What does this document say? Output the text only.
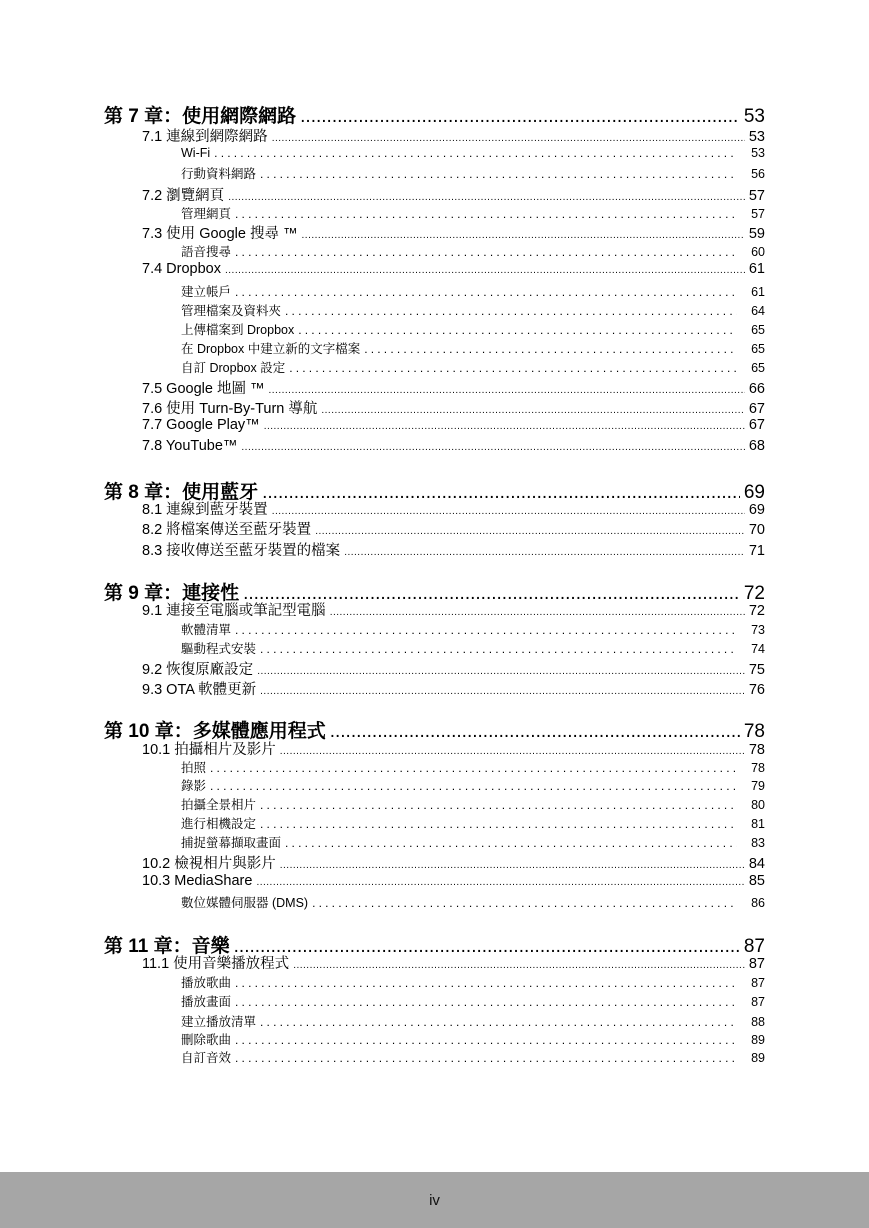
第 7 章：使用網際網路 .....	53
7.1 連線到網際網路 .....	53
Wi-Fi .....	53
行動資料網路 .....	56
7.2 瀏覽網頁 .....	57
管理網頁 .....	57
7.3 使用 Google 搜尋 ™ .....	59
語音搜尋 .....	60
7.4 Dropbox .....	61
建立帳戶 .....	61
管理檔案及資料夾 .....	64
上傳檔案到 Dropbox .....	65
在 Dropbox 中建立新的文字檔案 .....	65
自訂 Dropbox 設定 .....	65
7.5 Google 地圖 ™ .....	66
7.6 使用 Turn-By-Turn 導航 .....	67
7.7 Google Play™ .....	67
7.8 YouTube™ .....	68
第 8 章：使用藍牙 .....	69
8.1 連線到藍牙裝置 .....	69
8.2 將檔案傳送至藍牙裝置 .....	70
8.3 接收傳送至藍牙裝置的檔案 .....	71
第 9 章：連接性 .....	72
9.1 連接至電腦或筆記型電腦 .....	72
軟體清單 .....	73
驅動程式安裝 .....	74
9.2 恢復原廠設定 .....	75
9.3 OTA 軟體更新 .....	76
第 10 章：多媒體應用程式 .....	78
10.1 拍攝相片及影片 .....	78
拍照 .....	78
錄影 .....	79
拍攝全景相片 .....	80
進行相機設定 .....	81
捕捉螢幕擷取畫面 .....	83
10.2 檢視相片與影片 .....	84
10.3 MediaShare .....	85
數位媒體伺服器 (DMS) .....	86
第 11 章：音樂 .....	87
11.1 使用音樂播放程式 .....	87
播放歌曲 .....	87
播放畫面 .....	87
建立播放清單 .....	88
刪除歌曲 .....	89
自訂音效 .....	89
iv
